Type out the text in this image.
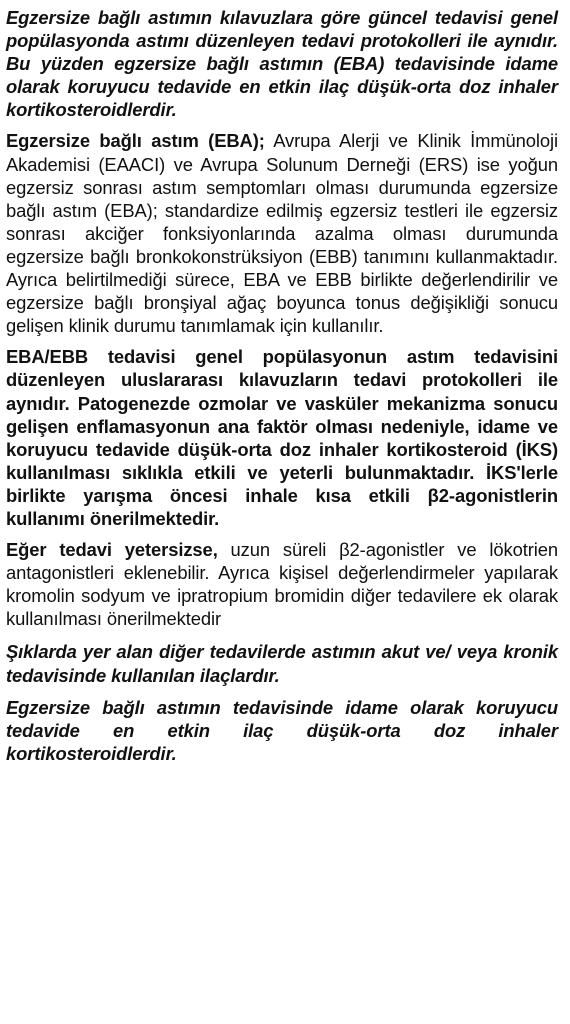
Egzersize bağlı astımın kılavuzlara göre güncel tedavisi genel popülasyonda astımı düzenleyen tedavi protokolleri ile aynıdır. Bu yüzden egzersize bağlı astımın (EBA) tedavisinde idame olarak koruyucu tedavide en etkin ilaç düşük-orta doz inhaler kortikosteroidlerdir.

Egzersize bağlı astım (EBA); Avrupa Alerji ve Klinik İmmünoloji Akademisi (EAACI) ve Avrupa Solunum Derneği (ERS) ise yoğun egzersiz sonrası astım semptomları olması durumunda egzersize bağlı astım (EBA); standardize edilmiş egzersiz testleri ile egzersiz sonrası akciğer fonksiyonlarında azalma olması durumunda egzersize bağlı bronkokonstrüksiyon (EBB) tanımını kullanmaktadır. Ayrıca belirtilmediği sürece, EBA ve EBB birlikte değerlendirilir ve egzersize bağlı bronşiyal ağaç boyunca tonus değişikliği sonucu gelişen klinik durumu tanımlamak için kullanılır.

EBA/EBB tedavisi genel popülasyonun astım tedavisini düzenleyen uluslararası kılavuzların tedavi protokolleri ile aynıdır. Patogenezde ozmolar ve vasküler mekanizma sonucu gelişen enflamasyonun ana faktör olması nedeniyle, idame ve koruyucu tedavide düşük-orta doz inhaler kortikosteroid (İKS) kullanılması sıklıkla etkili ve yeterli bulunmaktadır. İKS'lerle birlikte yarışma öncesi inhale kısa etkili β2-agonistlerin kullanımı önerilmektedir.

Eğer tedavi yetersizse, uzun süreli β2-agonistler ve lökotrien antagonistleri eklenebilir. Ayrıca kişisel değerlendirmeler yapılarak kromolin sodyum ve ipratropium bromidin diğer tedavilere ek olarak kullanılması önerilmektedir

Şıklarda yer alan diğer tedavilerde astımın akut ve/ veya kronik tedavisinde kullanılan ilaçlardır.

Egzersize bağlı astımın tedavisinde idame olarak koruyucu tedavide en etkin ilaç düşük-orta doz inhaler kortikosteroidlerdir.
